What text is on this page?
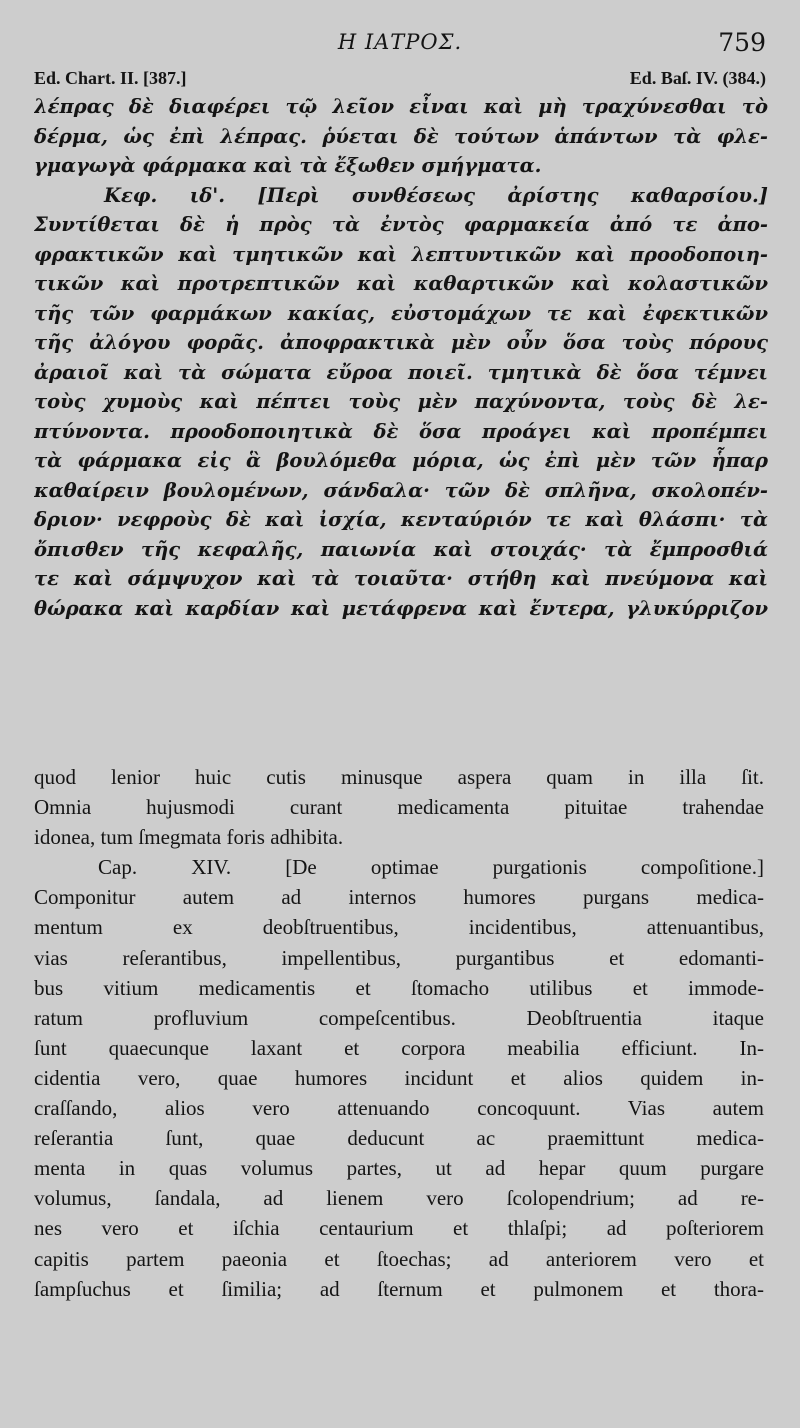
Η ΙΑΤΡΟΣ.	759
Ed. Chart. II. [387.]	Ed. Baſ. IV. (384.)
λέπρας δὲ διαφέρει τῷ λεῖον εἶναι καὶ μὴ τραχύνεσθαι τὸ
δέρμα, ὡς ἐπὶ λέπρας. ῥύεται δὲ τούτων ἁπάντων τὰ φλε-
γμαγωγὰ φάρμακα καὶ τὰ ἔξωθεν σμήγματα.
Κεφ. ιδ'. [Περὶ συνθέσεως ἀρίστης καθαρσίου.]
Συντίθεται δὲ ἡ πρὸς τὰ ἐντὸς φαρμακεία ἀπό τε ἀπο-
φρακτικῶν καὶ τμητικῶν καὶ λεπτυντικῶν καὶ προοδοποιη-
τικῶν καὶ προτρεπτικῶν καὶ καθαρτικῶν καὶ κολαστικῶν
τῆς τῶν φαρμάκων κακίας, εὐστομάχων τε καὶ ἐφεκτικῶν
τῆς ἀλόγου φορᾶς. ἀποφρακτικὰ μὲν οὖν ὅσα τοὺς πόρους
ἀραιοῖ καὶ τὰ σώματα εὔροα ποιεῖ. τμητικὰ δὲ ὅσα τέμνει
τοὺς χυμοὺς καὶ πέπτει τοὺς μὲν παχύνοντα, τοὺς δὲ λε-
πτύνοντα. προοδοποιητικὰ δὲ ὅσα προάγει καὶ προπέμπει
τὰ φάρμακα εἰς ἃ βουλόμεθα μόρια, ὡς ἐπὶ μὲν τῶν ἧπαρ
καθαίρειν βουλομένων, σάνδαλα· τῶν δὲ σπλῆνα, σκολοπέν-
δριον· νεφροὺς δὲ καὶ ἰσχία, κενταύριόν τε καὶ θλάσπι· τὰ
ὄπισθεν τῆς κεφαλῆς, παιωνία καὶ στοιχάς· τὰ ἔμπροσθιά
τε καὶ σάμψυχον καὶ τὰ τοιαῦτα· στήθη καὶ πνεύμονα καὶ
θώρακα καὶ καρδίαν καὶ μετάφρενα καὶ ἔντερα, γλυκύρριζον
quod lenior huic cutis minusque aspera quam in illa ſit.
Omnia hujusmodi curant medicamenta pituitae trahendae
idonea, tum ſmegmata foris adhibita.
Cap. XIV. [De optimae purgationis compoſitione.]
Componitur autem ad internos humores purgans medica-
mentum ex deobſtruentibus, incidentibus, attenuantibus,
vias reſerantibus, impellentibus, purgantibus et edomanti-
bus vitium medicamentis et ſtomacho utilibus et immode-
ratum profluvium compeſcentibus. Deobſtruentia itaque
ſunt quaecunque laxant et corpora meabilia efficiunt. In-
cidentia vero, quae humores incidunt et alios quidem in-
craſſando, alios vero attenuando concoquunt. Vias autem
reſerantia ſunt, quae deducunt ac praemittunt medica-
menta in quas volumus partes, ut ad hepar quum purgare
volumus, ſandala, ad lienem vero ſcolopendrium; ad re-
nes vero et iſchia centaurium et thlaſpi; ad poſteriorem
capitis partem paeonia et ſtoechas; ad anteriorem vero et
ſampſuchus et ſimilia; ad ſternum et pulmonem et thora-
